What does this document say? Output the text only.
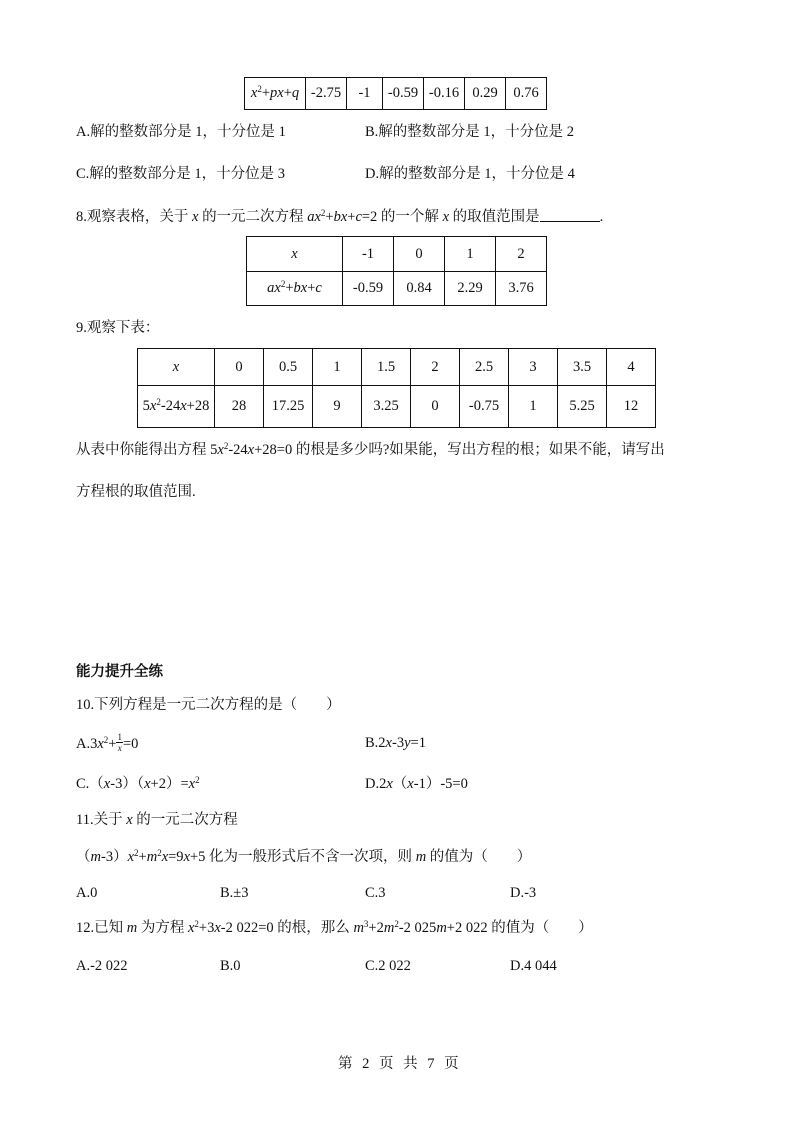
$x^2+px+q$	-2.75	-1	-0.59	-0.16	0.29	0.76
A.解的整数部分是 1，十分位是 1	B.解的整数部分是 1，十分位是 2
C.解的整数部分是 1，十分位是 3	D.解的整数部分是 1，十分位是 4
8.观察表格，关于 x 的一元二次方程 $ax^2+bx+c=2$ 的一个解 x 的取值范围是	.
x	-1	0	1	2
$ax^2+bx+c$	-0.59	0.84	2.29	3.76
9.观察下表：
x	0	0.5	1	1.5	2	2.5	3	3.5	4
$5x^2-24x+28$	28	17.25	9	3.25	0	-0.75	1	5.25	12
从表中你能得出方程 $5x^2-24x+28=0$ 的根是多少吗?如果能，写出方程的根；如果不能，请写出
方程根的取值范围.
能力提升全练
10.下列方程是一元二次方程的是（　　）
$A.3x^2+ \frac{1}{x} =0$	B.2x-3y=1
$C.(x-3)(x+2)=x^2$	D.2x（x-1）-5=0
11.关于 x 的一元二次方程
$(m-3)x^2+m^2x=9x+5$ 化为一般形式后不含一次项，则 m 的值为（　　）
A.0	B.±3	C.3	D.-3
12.已知 m 为方程 $x^2+3x-2$ 022=0 的根，那么 $m^3+2m^2-2$ 025m+2 022 的值为（　　）
A.-2 022	B.0	C.2 022	D.4 044
第 2 页 共 7 页
